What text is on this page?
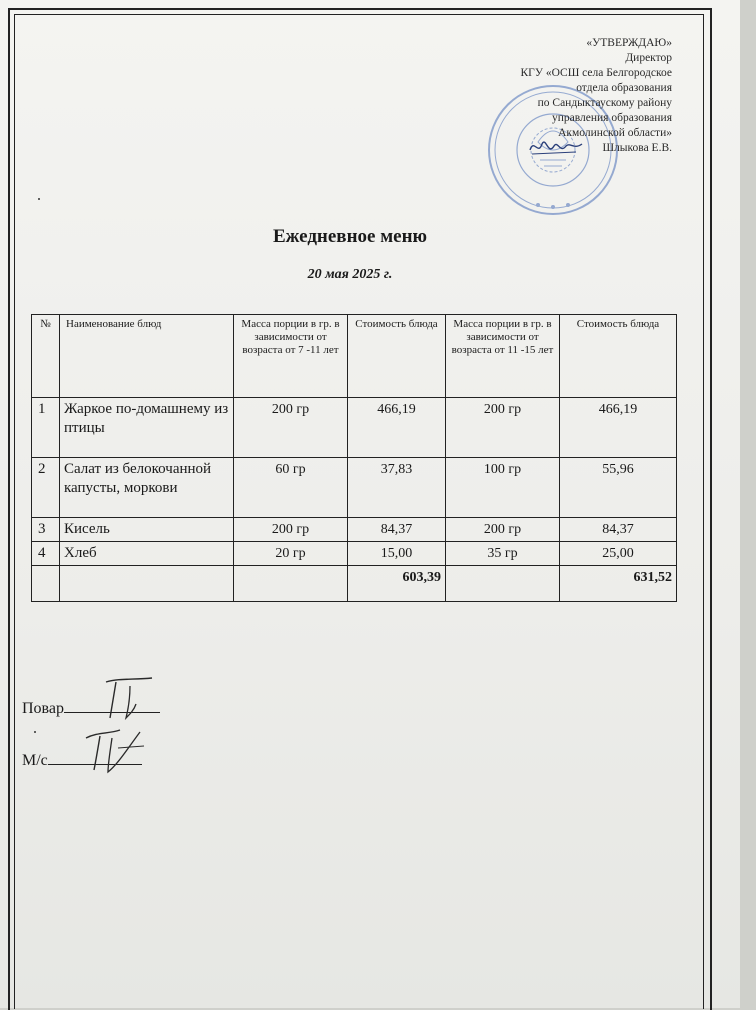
«УТВЕРЖДАЮ»
Директор
КГУ «ОСШ села Белгородское
отдела образования
по Сандыктаускому району
управления образования
Акмолинской области»
Шлыкова Е.В.
Ежедневное меню
20 мая 2025 г.
№	Наименование блюд	Масса порции в гр. в зависимости от возраста от 7 -11 лет	Стоимость блюда	Масса порции в гр. в зависимости от возраста от 11 -15 лет	Стоимость блюда
1	Жаркое по-домашнему из птицы	200 гр	466,19	200 гр	466,19
2	Салат из белокочанной капусты, моркови	60 гр	37,83	100 гр	55,96
3	Кисель	200 гр	84,37	200 гр	84,37
4	Хлеб	20 гр	15,00	35 гр	25,00
			603,39		631,52
Повар
М/с
